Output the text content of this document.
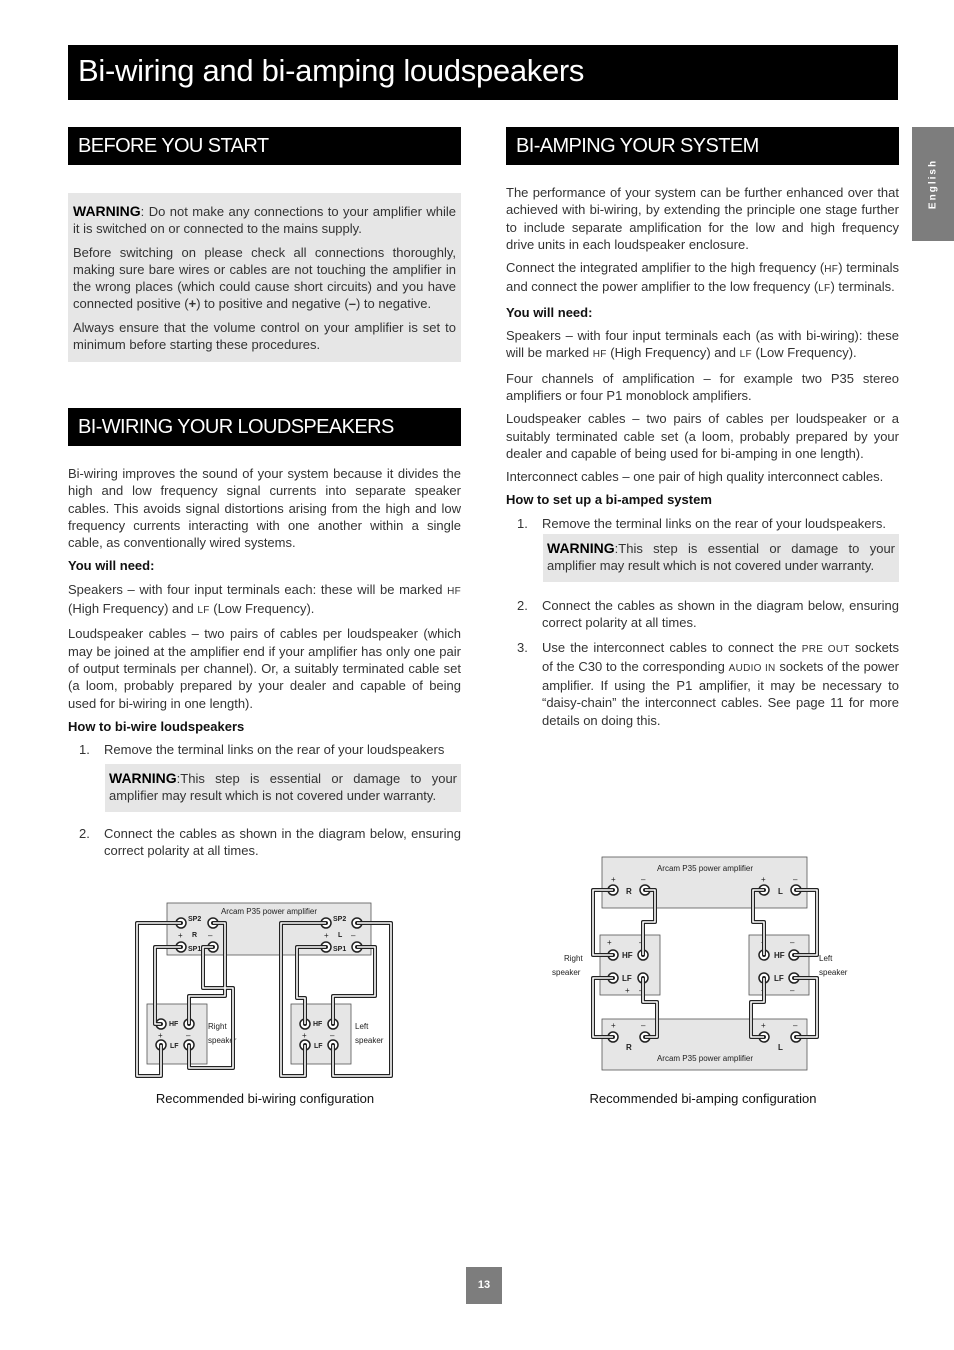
Bi-wiring and bi-amping loudspeakers
English
BEFORE YOU START

WARNING: Do not make any connections to your amplifier while it is switched on or connected to the mains supply.

Before switching on please check all connections thoroughly, making sure bare wires or cables are not touching the amplifier in the wrong places (which could cause short circuits) and you have connected positive (+) to positive and negative (–) to negative.

Always ensure that the volume control on your amplifier is set to minimum before starting these procedures.

BI-WIRING YOUR LOUDSPEAKERS

Bi-wiring improves the sound of your system because it divides the high and low frequency signal currents into separate speaker cables. This avoids signal distortions arising from the high and low frequency currents interacting with one another within a single cable, as conventionally wired systems.

You will need:

Speakers – with four input terminals each: these will be marked HF (High Frequency) and LF (Low Frequency).

Loudspeaker cables – two pairs of cables per loudspeaker (which may be joined at the amplifier end if your amplifier has only one pair of output terminals per channel). Or, a suitably terminated cable set (a loom, probably prepared by your dealer and capable of being used for bi-wiring in one length).

How to bi-wire loudspeakers
1.	Remove the terminal links on the rear of your loudspeakers

WARNING:This step is essential or damage to your amplifier may result which is not covered under warranty.

2.	Connect the cables as shown in the diagram below, ensuring correct polarity at all times.
Arcam P35 power amplifier
SP2
R
+	–
SP1
SP2
L
+	–
SP1
HF
LF
+	–
HF
LF
+	–
Right
speaker
Left
speaker
Recommended bi-wiring configuration
BI-AMPING YOUR SYSTEM

The performance of your system can be further enhanced over that achieved with bi-wiring, by extending the principle one stage further to include separate amplification for the low and high frequency drive units in each loudspeaker enclosure.

Connect the integrated amplifier to the high frequency (HF) terminals and connect the power amplifier to the low frequency (LF) terminals.

You will need:

Speakers – with four input terminals each (as with bi-wiring): these will be marked HF (High Frequency) and LF (Low Frequency).

Four channels of amplification – for example two P35 stereo amplifiers or four P1 monoblock amplifiers.

Loudspeaker cables – two pairs of cables per loudspeaker or a suitably terminated cable set (a loom, probably prepared by your dealer and capable of being used for bi-amping in one length).

Interconnect cables – one pair of high quality interconnect cables.

How to set up a bi-amped system
1.	Remove the terminal links on the rear of your loudspeakers.

WARNING:This step is essential or damage to your amplifier may result which is not covered under warranty.

2.	Connect the cables as shown in the diagram below, ensuring correct polarity at all times.
3.	Use the interconnect cables to connect the PRE OUT sockets of the C30 to the corresponding AUDIO IN sockets of the power amplifier. If using the P1 amplifier, it may be necessary to “daisy-chain” the interconnect cables. See page 11 for more details on doing this.
Arcam P35 power amplifier
Arcam P35 power amplifier
+	–
R
+	–
L
+	–
R
+	–
L
+	–
HF
LF
+ –
+	–
HF
LF
+	–
Right
speaker
Left
speaker
Recommended bi-amping configuration
13
